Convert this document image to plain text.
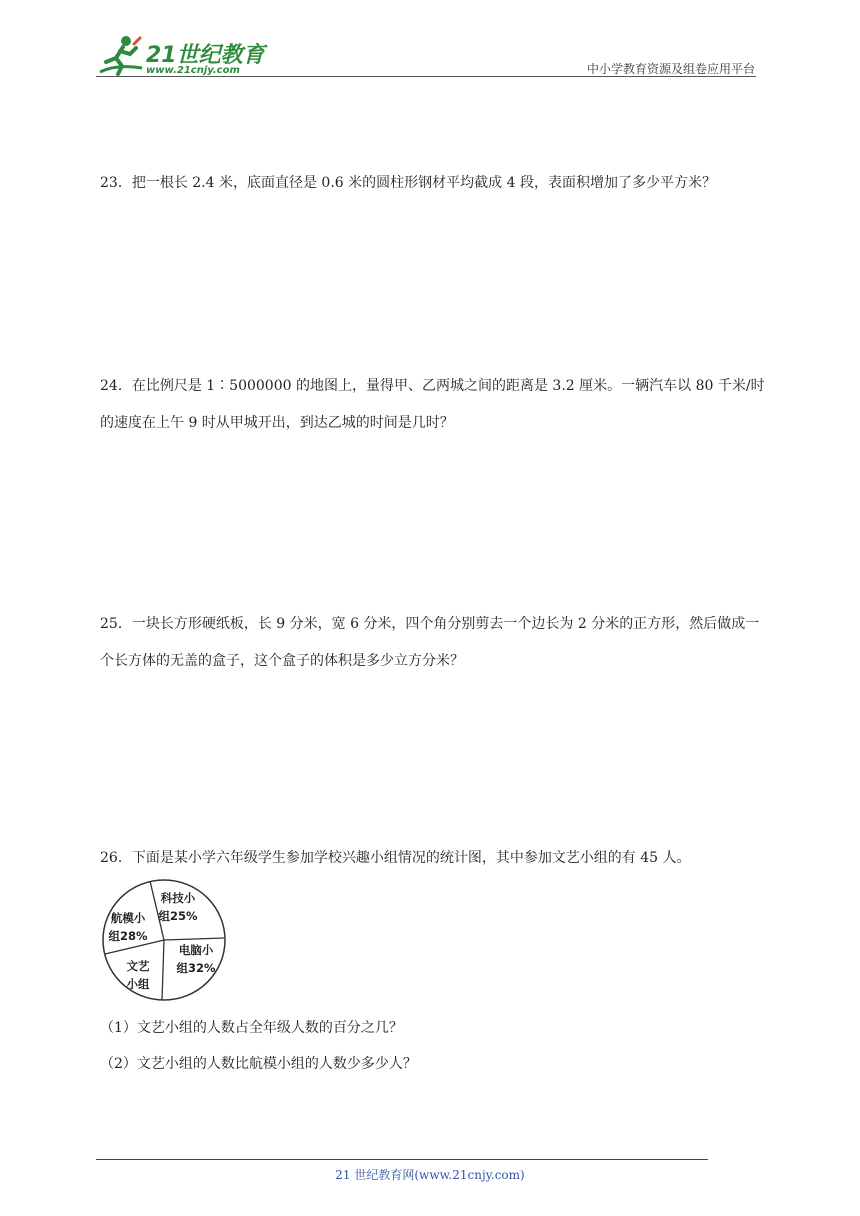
21世纪教育
www.21cnjy.com	中小学教育资源及组卷应用平台
23．把一根长 2.4 米，底面直径是 0.6 米的圆柱形钢材平均截成 4 段，表面积增加了多少平方米？
24．在比例尺是 1∶5000000 的地图上，量得甲、乙两城之间的距离是 3.2 厘米。一辆汽车以 80 千米/时的速度在上午 9 时从甲城开出，到达乙城的时间是几时？
25．一块长方形硬纸板，长 9 分米，宽 6 分米，四个角分别剪去一个边长为 2 分米的正方形，然后做成一个长方体的无盖的盒子，这个盒子的体积是多少立方分米？
26．下面是某小学六年级学生参加学校兴趣小组情况的统计图，其中参加文艺小组的有 45 人。
科技小
组25%
电脑小
组32%
文艺
小组
航模小
组28%
（1）文艺小组的人数占全年级人数的百分之几？
（2）文艺小组的人数比航模小组的人数少多少人？
21 世纪教育网(www.21cnjy.com)
